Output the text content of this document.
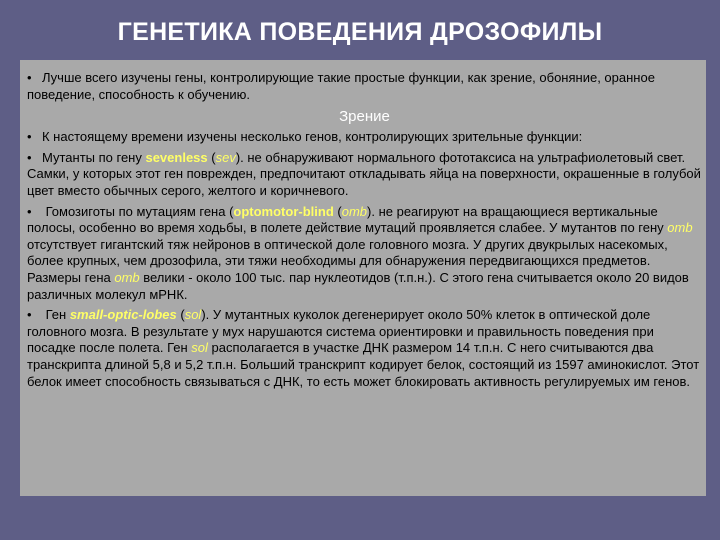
ГЕНЕТИКА ПОВЕДЕНИЯ ДРОЗОФИЛЫ

• Лучше всего изучены гены, контролирующие такие простые функции, как зрение, обоняние, оранное поведение, способность к обучению.

Зрение

• К настоящему времени изучены несколько генов, контролирующих зрительные функции:

• Мутанты по гену sevenless (sev). не обнаруживают нормального фототаксиса на ультрафиолетовый свет. Самки, у которых этот ген поврежден, предпочитают откладывать яйца на поверхности, окрашенные в голубой цвет вместо обычных серого, желтого и коричневого.

• Гомозиготы по мутациям гена (optomotor-blind (omb). не реагируют на вращающиеся вертикальные полосы, особенно во время ходьбы, в полете действие мутаций проявляется слабее. У мутантов по гену omb отсутствует гигантский тяж нейронов в оптической доле головного мозга. У других двукрылых насекомых, более крупных, чем дрозофила, эти тяжи необходимы для обнаружения передвигающихся предметов. Размеры гена omb велики - около 100 тыс. пар нуклеотидов (т.п.н.). С этого гена считывается около 20 видов различных молекул мРНК.

• Ген small-optic-lobes (sol). У мутантных куколок дегенерирует около 50% клеток в оптической доле головного мозга. В результате у мух нарушаются система ориентировки и правильность поведения при посадке после полета. Ген sol располагается в участке ДНК размером 14 т.п.н. С него считываются два транскрипта длиной 5,8 и 5,2 т.п.н. Больший транскрипт кодирует белок, состоящий из 1597 аминокислот. Этот белок имеет способность связываться с ДНК, то есть может блокировать активность регулируемых им генов.
